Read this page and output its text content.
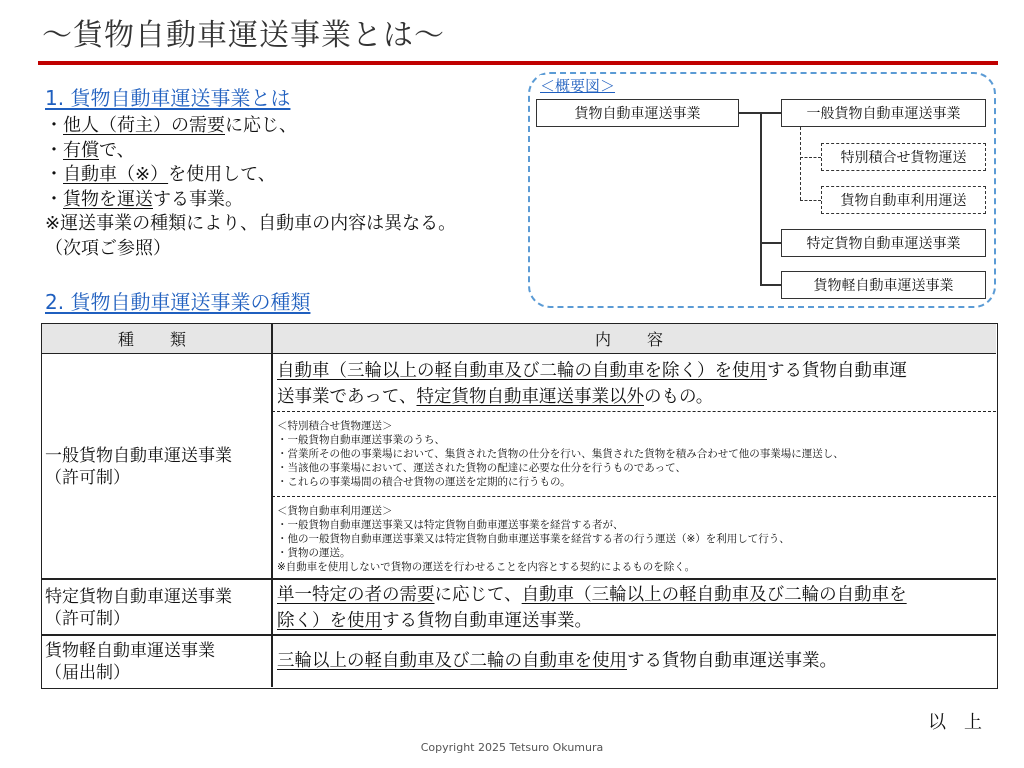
～貨物自動車運送事業とは～
1. 貨物自動車運送事業とは
・他人（荷主）の需要に応じ、
・有償で、
・自動車（※）を使用して、
・貨物を運送する事業。
※運送事業の種類により、自動車の内容は異なる。
（次項ご参照）
＜概要図＞
貨物自動車運送事業	一般貨物自動車運送事業
特別積合せ貨物運送
貨物自動車利用運送
特定貨物自動車運送事業
貨物軽自動車運送事業
2. 貨物自動車運送事業の種類
種　類	内　容
一般貨物自動車運送事業
（許可制）
自動車（三輪以上の軽自動車及び二輪の自動車を除く）を使用する貨物自動車運
送事業であって、特定貨物自動車運送事業以外のもの。
＜特別積合せ貨物運送＞
・一般貨物自動車運送事業のうち、
・営業所その他の事業場において、集貨された貨物の仕分を行い、集貨された貨物を積み合わせて他の事業場に運送し、
・当該他の事業場において、運送された貨物の配達に必要な仕分を行うものであって、
・これらの事業場間の積合せ貨物の運送を定期的に行うもの。
＜貨物自動車利用運送＞
・一般貨物自動車運送事業又は特定貨物自動車運送事業を経営する者が、
・他の一般貨物自動車運送事業又は特定貨物自動車運送事業を経営する者の行う運送（※）を利用して行う、
・貨物の運送。
※自動車を使用しないで貨物の運送を行わせることを内容とする契約によるものを除く。
特定貨物自動車運送事業
（許可制）
単一特定の者の需要に応じて、自動車（三輪以上の軽自動車及び二輪の自動車を
除く）を使用する貨物自動車運送事業。
貨物軽自動車運送事業
（届出制）
三輪以上の軽自動車及び二輪の自動車を使用する貨物自動車運送事業。
以　上
Copyright 2025 Tetsuro Okumura
